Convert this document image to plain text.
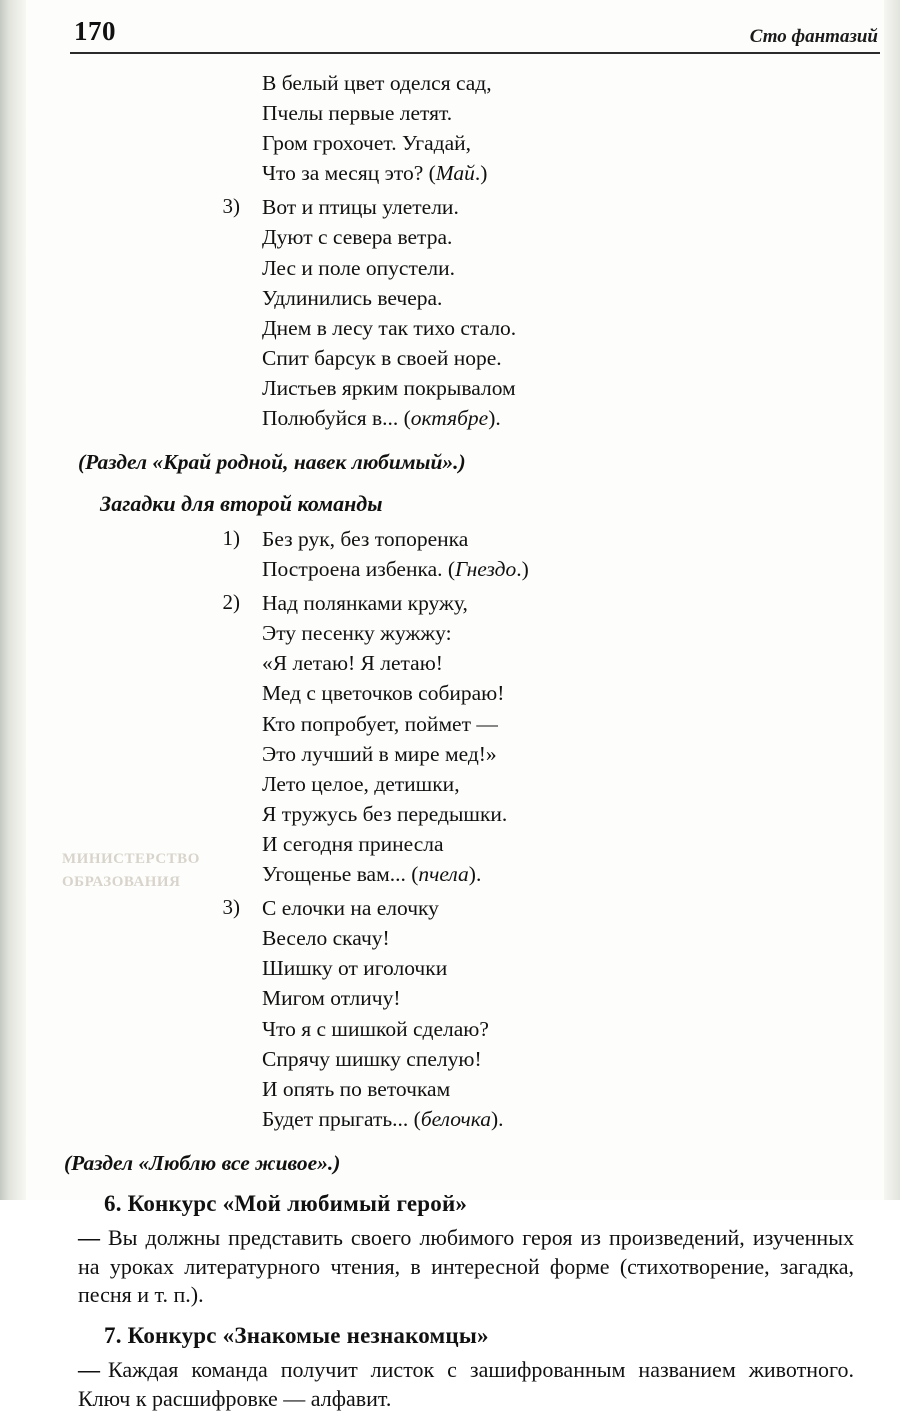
МИНИСТЕРСТВО ОБРАЗОВАНИЯ
170	Сто фантазий
В белый цвет оделся сад,
Пчелы первые летят.
Гром грохочет. Угадай,
Что за месяц это? (Май.)
3)	Вот и птицы улетели.
Дуют с севера ветра.
Лес и поле опустели.
Удлинились вечера.
Днем в лесу так тихо стало.
Спит барсук в своей норе.
Листьев ярким покрывалом
Полюбуйся в... (октябре).
(Раздел «Край родной, навек любимый».)
Загадки для второй команды
1)	Без рук, без топоренка
Построена избенка. (Гнездо.)
2)	Над полянками кружу,
Эту песенку жужжу:
«Я летаю! Я летаю!
Мед с цветочков собираю!
Кто попробует, поймет —
Это лучший в мире мед!»
Лето целое, детишки,
Я тружусь без передышки.
И сегодня принесла
Угощенье вам... (пчела).
3)	С елочки на елочку
Весело скачу!
Шишку от иголочки
Мигом отличу!
Что я с шишкой сделаю?
Спрячу шишку спелую!
И опять по веточкам
Будет прыгать... (белочка).
(Раздел «Люблю все живое».)
6. Конкурс «Мой любимый герой»

— Вы должны представить своего любимого героя из произведений, изученных на уроках литературного чтения, в интересной форме (стихотворение, загадка, песня и т. п.).

7. Конкурс «Знакомые незнакомцы»

— Каждая команда получит листок с зашифрованным названием животного. Ключ к расшифровке — алфавит.
